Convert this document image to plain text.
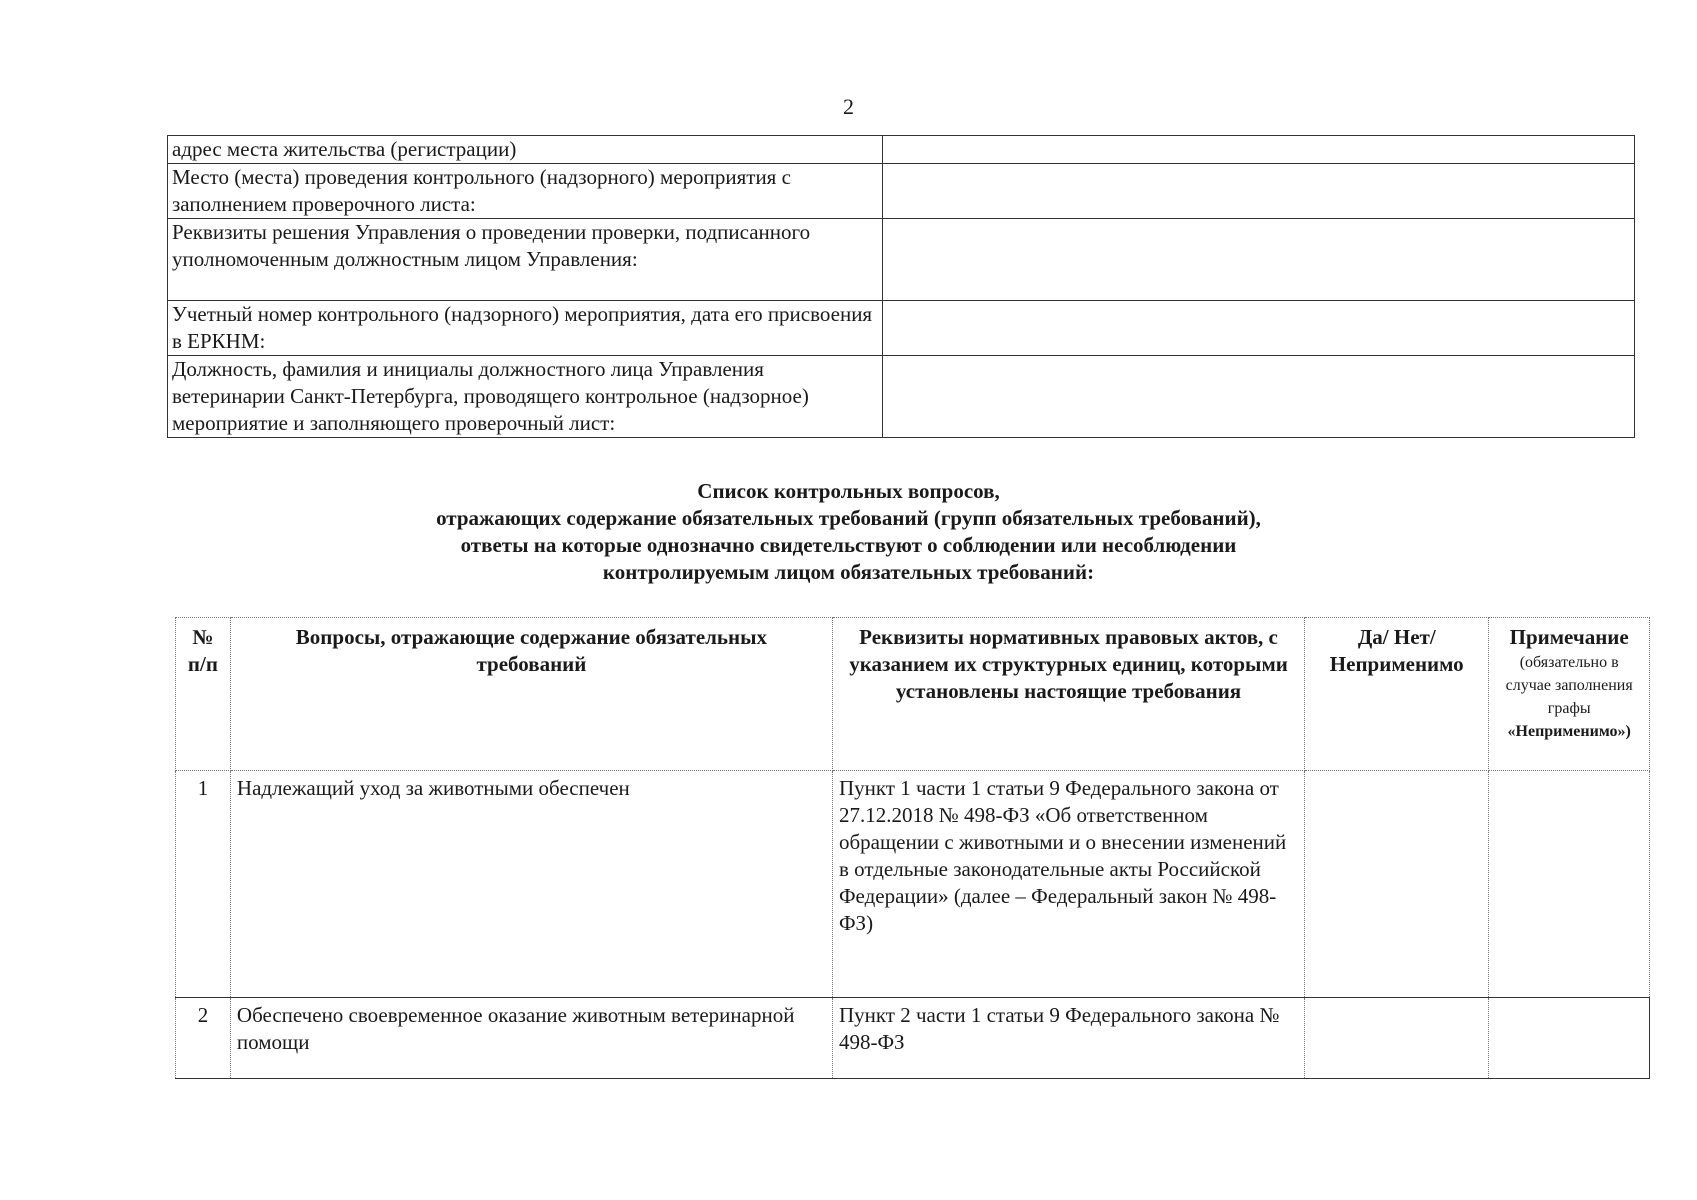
2
адрес места жительства (регистрации)	
Место (места) проведения контрольного (надзорного) мероприятия с заполнением проверочного листа:	
Реквизиты решения Управления о проведении проверки, подписанного уполномоченным должностным лицом Управления:	
Учетный номер контрольного (надзорного) мероприятия, дата его присвоения в ЕРКНМ:	
Должность, фамилия и инициалы должностного лица Управления ветеринарии Санкт-Петербурга, проводящего контрольное (надзорное) мероприятие и заполняющего проверочный лист:	
Список контрольных вопросов,
отражающих содержание обязательных требований (групп обязательных требований),
ответы на которые однозначно свидетельствуют о соблюдении или несоблюдении
контролируемым лицом обязательных требований:
№ п/п	Вопросы, отражающие содержание обязательных требований	Реквизиты нормативных правовых актов, с указанием их структурных единиц, которыми установлены настоящие требования	Да/ Нет/ Неприменимо	Примечание
(обязательно в случае заполнения графы
«Неприменимо»)

1	Надлежащий уход за животными обеспечен	Пункт 1 части 1 статьи 9 Федерального закона от 27.12.2018 № 498-ФЗ «Об ответственном обращении с животными и о внесении изменений в отдельные законодательные акты Российской Федерации» (далее – Федеральный закон № 498-ФЗ)		
2	Обеспечено своевременное оказание животным ветеринарной помощи	Пункт 2 части 1 статьи 9 Федерального закона № 498-ФЗ		
